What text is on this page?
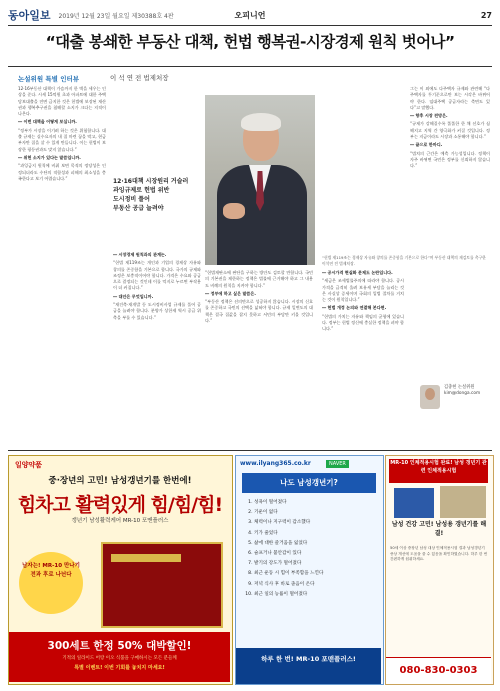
동아일보 2019년 12월 23일 월요일 제30388호 4판	오피니언	27
“대출 봉쇄한 부동산 대책, 헌법 행복권-시장경제 원칙 벗어나”
논설위원 특별 인터뷰	이 석 연 전 법제처장

12·16부동산 대책이 가슴까지 한 벽을 세우는 인상을 준다. 시세 15억원 초과 아파트에 대한 주택담보대출을 전면 금지한 것은 헌법에 보장된 재산권과 행복추구권을 침해할 소지가 크다는 지적이 나온다.

― 이번 대책을 어떻게 보십니까.

“정부가 시장을 이기려 하는 것은 위험합니다. 대출 규제는 실수요자의 내 집 마련 꿈을 막고, 현금 부자만 집을 살 수 있게 만듭니다. 이는 헌법이 보장한 평등권과도 맞지 않습니다.”

― 위헌 소지가 있다는 말씀입니까.

“과잉금지 원칙에 비춰 보면 목적의 정당성은 인정되더라도 수단의 적합성과 피해의 최소성을 충족한다고 보기 어렵습니다.”	12·16대책 시장원리 거슬러
과잉규제로 헌법 위반
도시정비 풀어
부동산 공급 늘려야

― 시장경제 원칙과의 관계는.

“헌법 제119조는 개인과 기업의 경제상 자유와 창의를 존중함을 기본으로 합니다. 국가의 규제와 조정은 보충적이어야 합니다. 가격은 수요와 공급으로 결정되는 것인데 이를 억지로 누르면 부작용이 더 커집니다.”

― 대안은 무엇입니까.

“재건축·재개발 등 도시정비사업 규제를 풀어 공급을 늘려야 합니다. 분양가 상한제 역시 공급 위축을 부를 수 있습니다.”

“헌법재판소에 판단을 구하는 방안도 검토할 만합니다. 국민의 기본권을 제한하는 정책은 법률에 근거해야 하고 그 내용도 비례의 원칙을 지켜야 합니다.”

― 정부에 하고 싶은 말씀은.

“부동산 정책은 선의만으로 성공하지 않습니다. 시장의 신호를 존중하고 국민의 선택을 넓혀야 합니다. 규제 일변도의 대책은 결국 집값을 잡지 못하고 서민의 부담만 키울 것입니다.”

“헌법 제119조는 경제상 자유와 창의를 존중함을 기본으로 한다”며 부동산 대책의 재검토를 촉구한 이석연 전 법제처장.

― 공시가격 현실화 문제도 논란입니다.

“세금은 조세법률주의에 따라야 합니다. 공시가격을 급격히 올려 보유세 부담을 늘리는 것은 사실상 증세이며 국회의 입법 절차를 거치는 것이 원칙입니다.”

― 헌법 개정 논의와 연결해 본다면.

“헌법의 가치는 자유와 책임의 균형에 있습니다. 정부는 헌법 정신에 충실한 정책을 펴야 합니다.”

그는 이 외에도 다주택자 규제와 관련해 “다주택자를 투기꾼으로만 보는 시각은 바뀌어야 한다. 임대주택 공급자라는 측면도 있다”고 말했다.

― 향후 시장 전망은.

“규제가 강해질수록 똘똘한 한 채 선호가 심해지고 지역 간 양극화가 커질 것입니다. 정부는 지금이라도 시장과 소통해야 합니다.”

― 끝으로 한마디.

“법치의 근간은 예측 가능성입니다. 정책이 자주 바뀌면 국민은 정부를 신뢰하지 않습니다.”

김충현 논설위원
kim@donga.com
일양약품
중·장년의 고민! 남성갱년기를 한번에!
힘차고 활력있게 힘/힘/힘!
갱년기 남성활력케어 MR-10 포맨플러스
남자는! MR-10 만나기 전과 후로 나뉜다
300세트 한정 50% 대박할인!
기적의 일라이드 어랑 이오 식품을 구매하시는 모든 분들께
특별 이벤트! 이번 기회를 놓치지 마세요!
www.ilyang365.co.kr	NAVER
나도 남성갱년기?
1. 성욕이 떨어졌다
2. 기운이 없다
3. 체력이나 지구력이 감소했다
4. 키가 줄었다
5. 삶에 대한 즐거움을 잃었다
6. 슬프거나 불안감이 있다
7. 발기의 강도가 떨어졌다
8. 최근 운동 시 힘이 부족함을 느낀다
9. 저녁 식사 후 바로 졸음이 온다
10. 최근 일의 능률이 떨어졌다
하루 한 번! MR-10 포맨플러스!
MR-10 인체적용시험 완료! 남성 갱년기 관련 인체적용시험
남성 건강 고민! 남성용 갱년기를 해결!
50세 이상 중장년 남성 대상 인체적용시험 결과 남성갱년기 증상 개선에 도움을 줄 수 있음을 확인하였습니다. 하루 한 번 간편하게 섭취하세요.
080-830-0303
